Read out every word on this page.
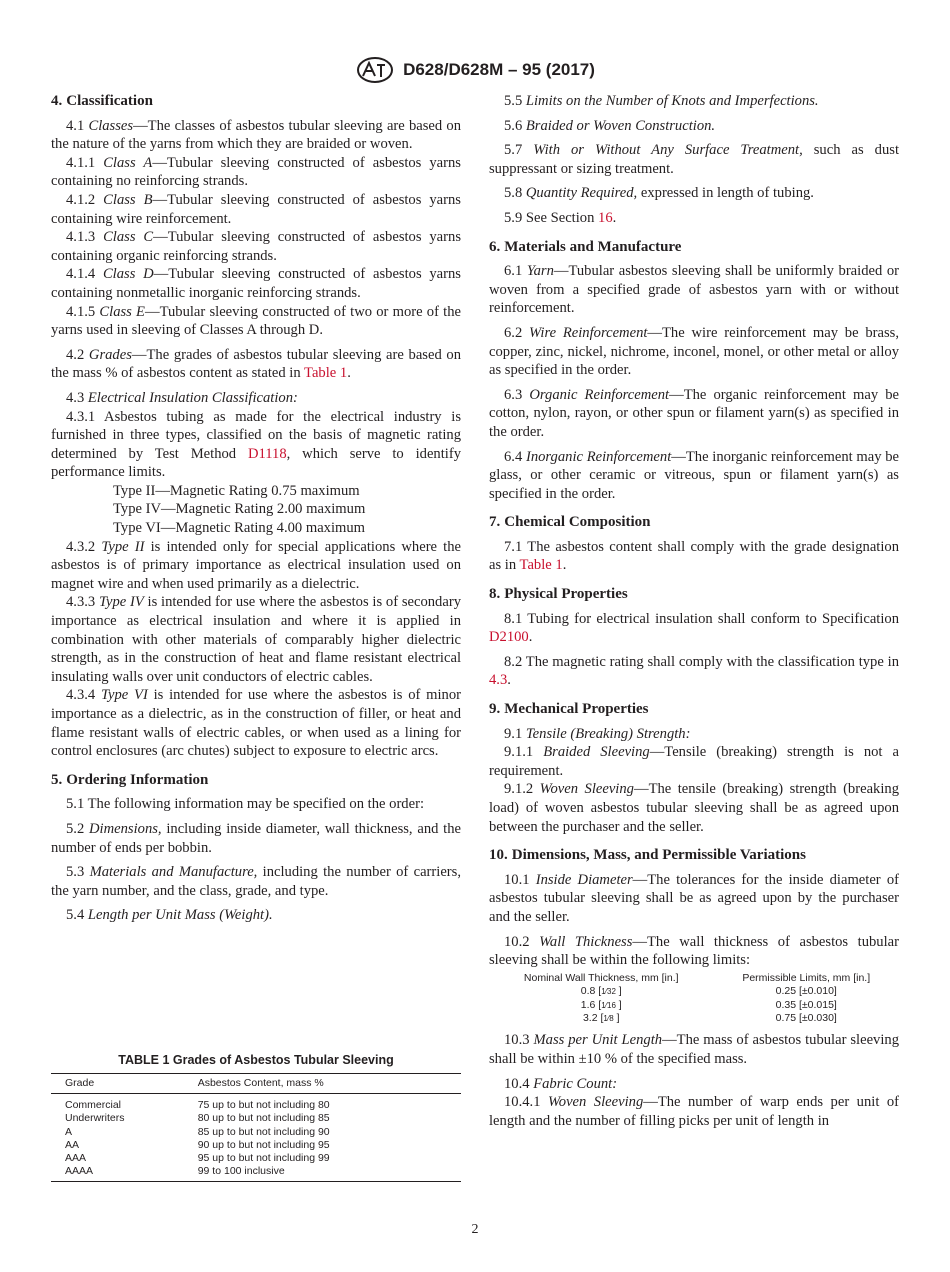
D628/D628M – 95 (2017)
4. Classification

4.1 Classes—The classes of asbestos tubular sleeving are based on the nature of the yarns from which they are braided or woven.

4.1.1 Class A—Tubular sleeving constructed of asbestos yarns containing no reinforcing strands.

4.1.2 Class B—Tubular sleeving constructed of asbestos yarns containing wire reinforcement.

4.1.3 Class C—Tubular sleeving constructed of asbestos yarns containing organic reinforcing strands.

4.1.4 Class D—Tubular sleeving constructed of asbestos yarns containing nonmetallic inorganic reinforcing strands.

4.1.5 Class E—Tubular sleeving constructed of two or more of the yarns used in sleeving of Classes A through D.

4.2 Grades—The grades of asbestos tubular sleeving are based on the mass % of asbestos content as stated in Table 1.

4.3 Electrical Insulation Classification:

4.3.1 Asbestos tubing as made for the electrical industry is furnished in three types, classified on the basis of magnetic rating determined by Test Method D1118, which serve to identify performance limits.

Type II—Magnetic Rating 0.75 maximum
Type IV—Magnetic Rating 2.00 maximum
Type VI—Magnetic Rating 4.00 maximum

4.3.2 Type II is intended only for special applications where the asbestos is of primary importance as electrical insulation used on magnet wire and when used primarily as a dielectric.

4.3.3 Type IV is intended for use where the asbestos is of secondary importance as electrical insulation and where it is applied in combination with other materials of comparably higher dielectric strength, as in the construction of heat and flame resistant electrical insulating walls over unit conductors of electric cables.

4.3.4 Type VI is intended for use where the asbestos is of minor importance as a dielectric, as in the construction of filler, or heat and flame resistant walls of electric cables, or when used as a lining for control enclosures (arc chutes) subject to exposure to electric arcs.

5. Ordering Information

5.1 The following information may be specified on the order:

5.2 Dimensions, including inside diameter, wall thickness, and the number of ends per bobbin.

5.3 Materials and Manufacture, including the number of carriers, the yarn number, and the class, grade, and type.

5.4 Length per Unit Mass (Weight).

TABLE 1 Grades of Asbestos Tubular Sleeving
Grade	Asbestos Content, mass %
Commercial	75 up to but not including 80
Underwriters	80 up to but not including 85
A	85 up to but not including 90
AA	90 up to but not including 95
AAA	95 up to but not including 99
AAAA	99 to 100 inclusive

5.5 Limits on the Number of Knots and Imperfections.

5.6 Braided or Woven Construction.

5.7 With or Without Any Surface Treatment, such as dust suppressant or sizing treatment.

5.8 Quantity Required, expressed in length of tubing.

5.9 See Section 16.

6. Materials and Manufacture

6.1 Yarn—Tubular asbestos sleeving shall be uniformly braided or woven from a specified grade of asbestos yarn with or without reinforcement.

6.2 Wire Reinforcement—The wire reinforcement may be brass, copper, zinc, nickel, nichrome, inconel, monel, or other metal or alloy as specified in the order.

6.3 Organic Reinforcement—The organic reinforcement may be cotton, nylon, rayon, or other spun or filament yarn(s) as specified in the order.

6.4 Inorganic Reinforcement—The inorganic reinforcement may be glass, or other ceramic or vitreous, spun or filament yarn(s) as specified in the order.

7. Chemical Composition

7.1 The asbestos content shall comply with the grade designation as in Table 1.

8. Physical Properties

8.1 Tubing for electrical insulation shall conform to Specification D2100.

8.2 The magnetic rating shall comply with the classification type in 4.3.

9. Mechanical Properties

9.1 Tensile (Breaking) Strength:

9.1.1 Braided Sleeving—Tensile (breaking) strength is not a requirement.

9.1.2 Woven Sleeving—The tensile (breaking) strength (breaking load) of woven asbestos tubular sleeving shall be as agreed upon between the purchaser and the seller.

10. Dimensions, Mass, and Permissible Variations

10.1 Inside Diameter—The tolerances for the inside diameter of asbestos tubular sleeving shall be as agreed upon by the purchaser and the seller.

10.2 Wall Thickness—The wall thickness of asbestos tubular sleeving shall be within the following limits:

Nominal Wall Thickness, mm [in.]	Permissible Limits, mm [in.]
0.8 [1⁄32 ]	0.25 [±0.010]
1.6 [1⁄16 ]	0.35 [±0.015]
3.2 [1⁄8 ]	0.75 [±0.030]

10.3 Mass per Unit Length—The mass of asbestos tubular sleeving shall be within ±10 % of the specified mass.

10.4 Fabric Count:

10.4.1 Woven Sleeving—The number of warp ends per unit of length and the number of filling picks per unit of length in

2
